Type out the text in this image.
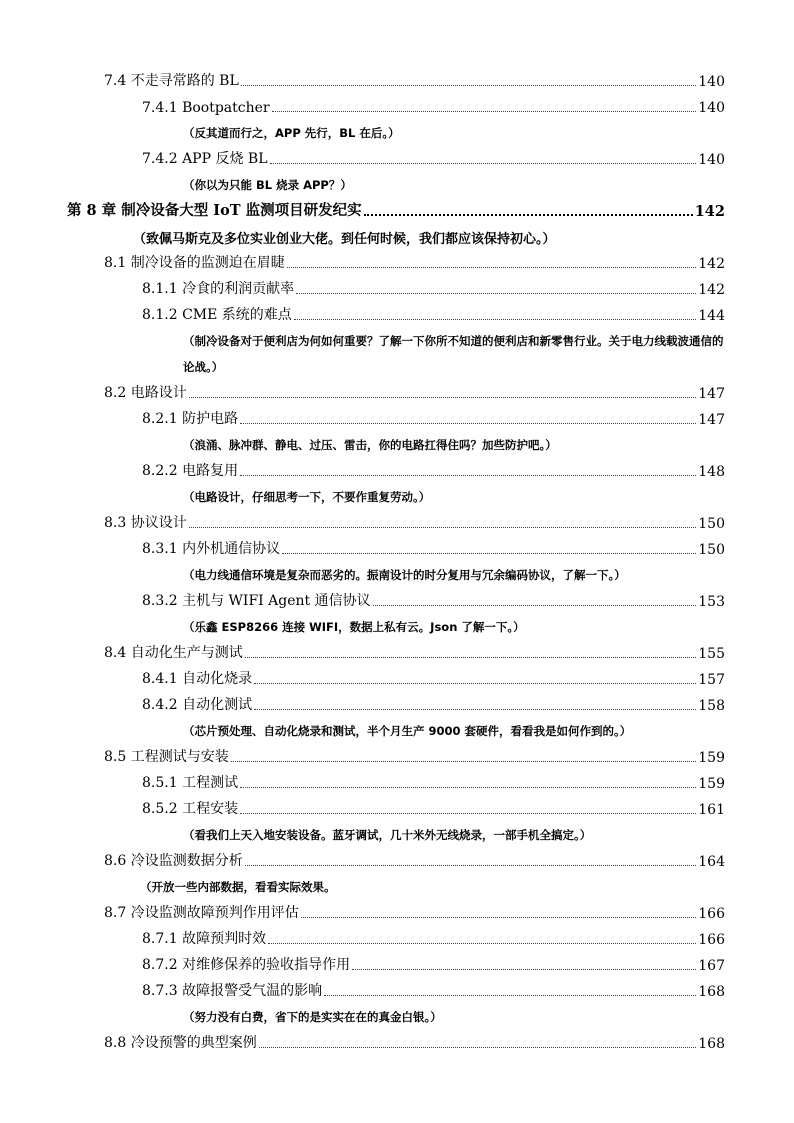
7.4 不走寻常路的 BL	140
7.4.1 Bootpatcher	140
（反其道而行之，APP 先行，BL 在后。）
7.4.2 APP 反烧 BL	140
（你以为只能 BL 烧录 APP？）
第 8 章 制冷设备大型 IoT 监测项目研发纪实	142
（致佩马斯克及多位实业创业大佬。到任何时候，我们都应该保持初心。）
8.1 制冷设备的监测迫在眉睫	142
8.1.1 冷食的利润贡献率	142
8.1.2 CME 系统的难点	144
（制冷设备对于便利店为何如何重要？了解一下你所不知道的便利店和新零售行业。关于电力线载波通信的论战。）
8.2 电路设计	147
8.2.1 防护电路	147
（浪涌、脉冲群、静电、过压、雷击，你的电路扛得住吗？加些防护吧。）
8.2.2 电路复用	148
（电路设计，仔细思考一下，不要作重复劳动。）
8.3 协议设计	150
8.3.1 内外机通信协议	150
（电力线通信环境是复杂而恶劣的。振南设计的时分复用与冗余编码协议，了解一下。）
8.3.2 主机与 WIFI Agent 通信协议	153
（乐鑫 ESP8266 连接 WIFI，数据上私有云。Json 了解一下。）
8.4 自动化生产与测试	155
8.4.1 自动化烧录	157
8.4.2 自动化测试	158
（芯片预处理、自动化烧录和测试，半个月生产 9000 套硬件，看看我是如何作到的。）
8.5 工程测试与安装	159
8.5.1 工程测试	159
8.5.2 工程安装	161
（看我们上天入地安装设备。蓝牙调试，几十米外无线烧录，一部手机全搞定。）
8.6 冷设监测数据分析	164
（开放一些内部数据，看看实际效果。
8.7 冷设监测故障预判作用评估	166
8.7.1 故障预判时效	166
8.7.2 对维修保养的验收指导作用	167
8.7.3 故障报警受气温的影响	168
（努力没有白费，省下的是实实在在的真金白银。）
8.8 冷设预警的典型案例	168
